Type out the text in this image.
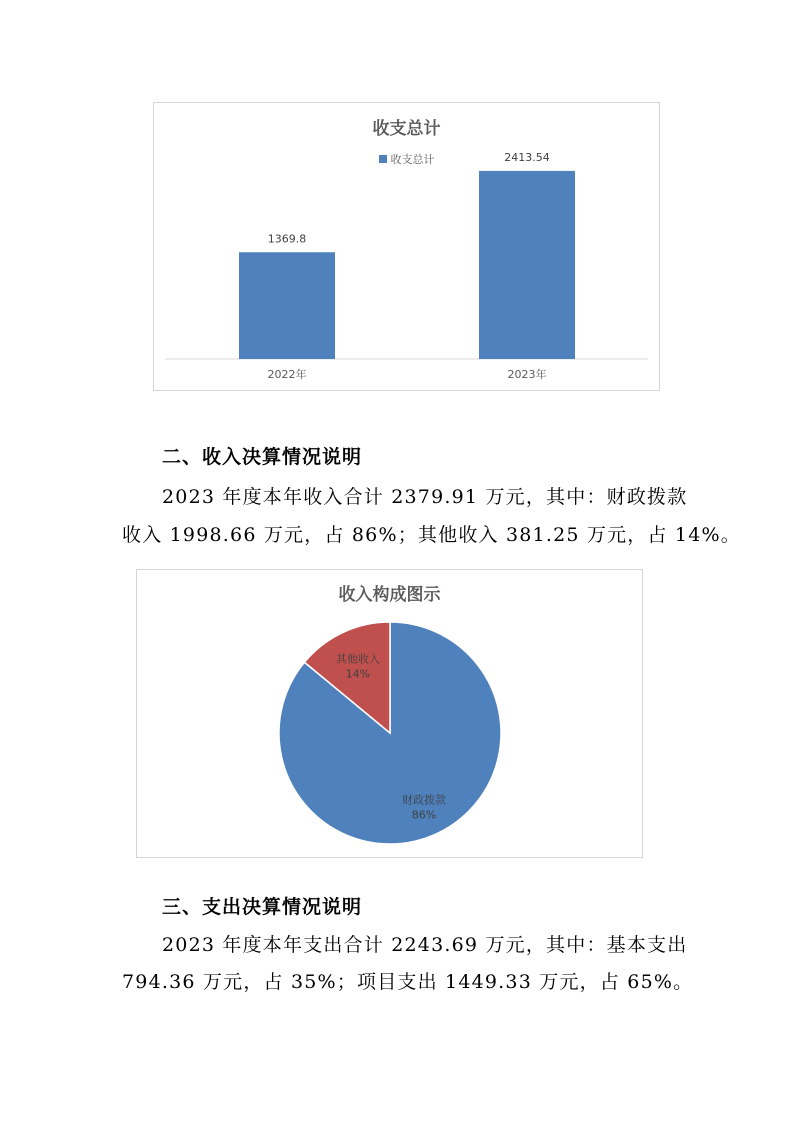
收支总计
收支总计
1369.8
2413.54
2022年	2023年
二、收入决算情况说明
2023 年度本年收入合计 2379.91 万元，其中：财政拨款
收入 1998.66 万元，占 86%；其他收入 381.25 万元，占 14%。
收入构成图示
财政拨款
86%
其他收入
14%
三、支出决算情况说明
2023 年度本年支出合计 2243.69 万元，其中：基本支出
794.36 万元，占 35%；项目支出 1449.33 万元，占 65%。
